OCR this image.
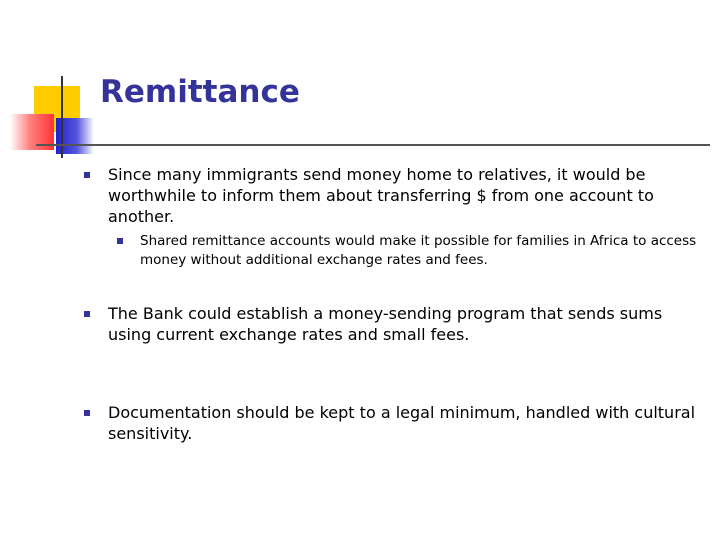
Remittance
Since many immigrants send money home to relatives, it would be worthwhile to inform them about transferring $ from one account to another.
Shared remittance accounts would make it possible for families in Africa to access money without additional exchange rates and fees.
The Bank could establish a money-sending program that sends sums using current exchange rates and small fees.
Documentation should be kept to a legal minimum, handled with cultural sensitivity.
